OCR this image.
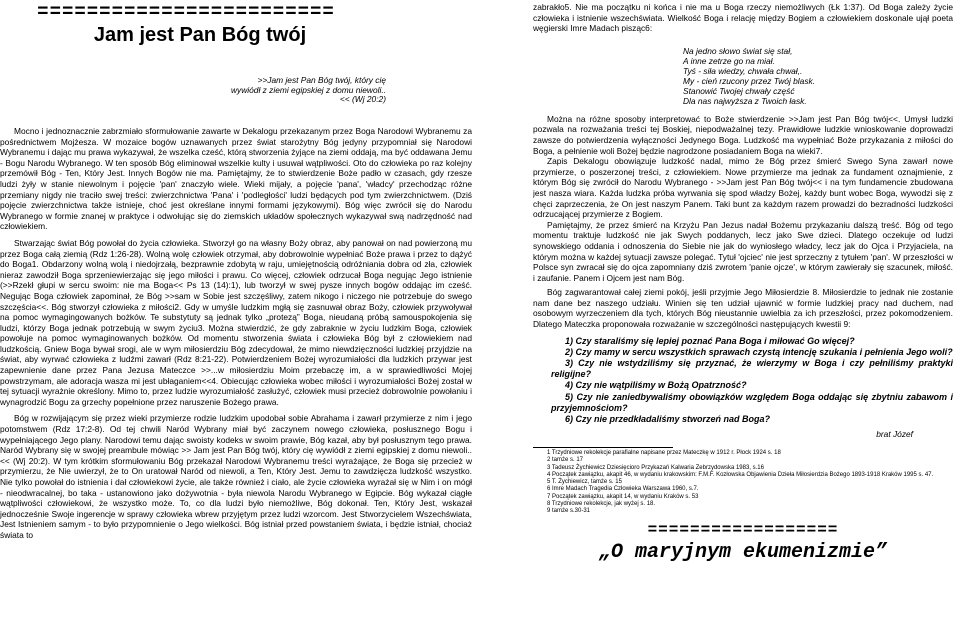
========================
Jam jest Pan Bóg twój
>>Jam jest Pan Bóg twój, który cię wywiódł z ziemi egipskiej z domu niewoli..<< (Wj 20:2)

Mocno i jednoznacznie zabrzmiało sformułowanie zawarte w Dekalogu przekazanym przez Boga Narodowi Wybranemu za pośrednictwem Mojżesza. W mozaice bogów uznawanych przez świat starożytny Bóg jedyny przypomniał się Narodowi Wybranemu i dając mu prawa wykazywał, że wszelka cześć, którą stworzenia żyjące na ziemi oddają, ma być oddawana Jemu - Bogu Narodu Wybranego. W ten sposób Bóg eliminował wszelkie kulty i usuwał wątpliwości. Oto do człowieka po raz kolejny przemówił Bóg - Ten, Który Jest. Innych Bogów nie ma. Pamiętajmy, że to stwierdzenie Boże padło w czasach, gdy rzesze ludzi żyły w stanie niewolnym i pojęcie 'pan' znaczyło wiele. Wieki mijały, a pojęcie 'pana', 'władcy' przechodząc różne przemiany nigdy nie traciło swej treści: zwierzchnictwa 'Pana' i 'podległości' ludzi będących pod tym zwierzchnictwem. (Dziś pojęcie zwierzchnictwa także istnieje, choć jest określane innymi formami językowymi). Bóg więc zwrócił się do Narodu Wybranego w formie znanej w praktyce i odwołując się do ziemskich układów społecznych wykazywał swą nadrzędność nad człowiekiem.

Stwarzając świat Bóg powołał do życia człowieka. Stworzył go na własny Boży obraz, aby panował on nad powierzoną mu przez Boga całą ziemią (Rdz 1:26-28). Wolną wolę człowiek otrzymał, aby dobrowolnie wypełniać Boże prawa i przez to dążyć do Boga1. Obdarzony wolną wolą i niedojrzałą, bezprawnie zdobytą w raju, umiejętnością odróżniania dobra od zła, człowiek nierаz zawodził Boga sprzeniewierzając się jego miłości i prawu. Co więcej, człowiek odrzucał Boga negując Jego istnienie (>>Rzekł głupi w sercu swoim: nie ma Boga<< Ps 13 (14):1), lub tworzył w swej pysze innych bogów oddając im cześć. Negując Boga człowiek zapominał, że Bóg >>sam w Sobie jest szczęśliwy, zatem nikogo i niczego nie potrzebuje do swego szczęścia<<. Bóg stworzył człowieka z miłości2. Gdy w umyśle ludzkim mgłą się zasnuwał obraz Boży, człowiek przywoływał na pomoc wymagingowanych bożków. Te substytuty są jednak tylko „protezą” Boga, nieudaną próbą samouspokojenia się ludzi, którzy Boga jednak potrzebują w swym życiu3. Można stwierdzić, że gdy zabraknie w życiu ludzkim Boga, człowiek powołuje na pomoc wymaginowanych bożków. Od momentu stworzenia świata i człowieka Bóg był z człowiekiem nad ludzkością. Gniew Boga bywał srogi, ale w wym miłosierdziu Bóg zdecydował, że mimo niewdzięczności ludzkiej przyjdzie na świat, aby wyrwać człowieka z ludźmi zawarł (Rdz 8:21-22). Potwierdzeniem Bożej wyrozumiałości dla ludzkich przywar jest zapewnienie dane przez Pana Jezusa Mateczce >>...w miłosierdziu Moim przebaczę im, a w sprawiedliwości Mojej powstrzymam, ale adoracja wasza mi jest ubłaganiem<<4. Obiecując człowieka wobec miłości i wyrozumiałości Bożej został w tej sytuacji wyrażnie określony. Mimo to, przez ludzie wyrozumiałość zasłużyć, człowiek musi przecież dobrowolnie powołaniu i wynagrodzić Bogu za grzechy popełnione przez naruszenie Bożego prawa.

Bóg w rozwijającym się przez wieki przymierze rodzie ludzkim upodobał sobie Abrahama i zawarł przymierze z nim i jego potomstwem (Rdz 17:2-8). Od tej chwili Naród Wybrany miał być zaczynem nowego człowieka, posłusznego Bogu i wypełniającego Jego plany. Narodowi temu dając swoisty kodeks w swoim prawie, Bóg kazał, aby był posłusznym tego prawa. Naród Wybrany się w swojej preambule mówiąc >> Jam jest Pan Bóg twój, który cię wywiódł z ziemi egipskiej z domu niewoli..<< (Wj 20:2). W tym krótkim sformułowaniu Bóg przekazał Narodowi Wybranemu treści wyrażające, że Boga się przecież w przymierzu, że Nie uwierzył, że to On uratował Naród od niewoli, a Ten, Który Jest. Jemu to zawdzięcza ludzkość wszystko. Nie tylko powołał do istnienia i dał człowiekowi życie, ale także również i ciało, ale życie człowieka wyrażał się w Nim i on mógł - nieodwracalnej, bo taka - ustanowiono jako dożywotnia - była niewola Narodu Wybranego w Egipcie. Bóg wykazał ciągłe wątpliwości człowiekowi, że wszystko może. To, co dla ludzi było niemożliwe, Bóg dokonał. Ten, Który Jest, wskazał jednocześnie Swoje ingerencje w sprawy człowieka wbrew przyjętym przez ludzi wzorcom. Jest Stworzycielem Wszechświata, Jest Istnieniem samym - to było przypomnienie o Jego wielkości. Bóg istniał przed powstaniem świata, i będzie istniał, chociaż świata to

zabrakło5. Nie ma początku ni końca i nie ma u Boga rzeczy niemożliwych (Łk 1:37). Od Boga zależy życie człowieka i istnienie wszechświata. Wielkość Boga i relację między Bogiem a człowiekiem doskonale ujął poeta węgierski Imre Madach pisząc6:

Na jedno słowo świat się stał,
A inne zetrze go na miał.
Tyś - siła wiedzy, chwała chwał,.
My - cień rzucony przez Twój blask.
Stanowić Twojej chwały część
Dla nas najwyższa z Twoich łask.

Można na różne sposoby interpretować to Boże stwierdzenie >>Jam jest Pan Bóg twój<<. Umysł ludzki pozwala na rozważania treści tej Boskiej, niepodważalnej tezy. Prawidłowe ludzkie wnioskowanie doprowadzi zawsze do potwierdzenia wyłączności Jedynego Boga. Ludzkość ma wypełniać Boże przykazania z miłości do Boga, a pełnienie woli Bożej będzie nagrodzone posiadaniem Boga na wieki7.

Zapis Dekalogu obowiązuje ludzkość nadal, mimo że Bóg przez śmierć Swego Syna zawarł nowe przymierze, o poszerzonej treści, z człowiekiem. Nowe przymierze ma jednak za fundament oznajmienie, z którym Bóg się zwrócił do Narodu Wybranego - >>Jam jest Pan Bóg twój<< i na tym fundamencie zbudowana jest nasza wiara. Każda ludzka próba wyrwania się spod władzy Bożej, każdy bunt wobec Boga, wywodzi się z chęci zaprzeczenia, że On jest naszym Panem. Taki bunt za każdym razem prowadzi do bezradności ludzkości odrzucającej przymierze z Bogiem.

Pamiętajmy, że przez śmierć na Krzyżu Pan Jezus nadał Bożemu przykazaniu dalszą treść. Bóg od tego momentu traktuje ludzkość nie jak Swych poddanych, lecz jako Swe dzieci. Dlatego oczekuje od ludzi synowskiego oddania i odnoszenia do Siebie nie jak do wyniosłego władcy, lecz jak do Ojca i Przyjaciela, na którym można w każdej sytuacji zawsze polegać. Tytuł 'ojciec' nie jest sprzeczny z tytułem 'pan'. W przeszłości w Polsce syn zwracał się do ojca zapomniany dziś zwrotem 'panie ojcze', w którym zawierały się szacunek, miłość. i zaufanie. Panem i Ojcem jest nam Bóg.

Bóg zagwarantował całej ziemi pokój, jeśli przyjmie Jego Miłosierdzie 8. Miłosierdzie to jednak nie zostanie nam dane bez naszego udziału. Winien się ten udział ujawnić w formie ludzkiej pracy nad duchem, nad osobowym wyrzeczeniem dla tych, których Bóg nieustannie uwielbia za ich przeszłości, przez pokomodzeniem. Dlatego Mateczka proponowała rozważanie w szczególności następujących kwestii 9:

1) Czy staraliśmy się lepiej poznać Pana Boga i miłować Go więcej?

2) Czy mamy w sercu wszystkich sprawach czystą intencję szukania i pełnienia Jego woli?

3) Czy nie wstydziliśmy się przyznać, że wierzymy w Boga i czy pełniliśmy praktyki religijne?

4) Czy nie wątpiliśmy w Bożą Opatrzność?

5) Czy nie zaniedbywaliśmy obowiązków względem Boga oddając się zbytniu zabawom i przyjemnościom?

6) Czy nie przedkładaliśmy stworzeń nad Boga?

brat Józef

1 Trzydniowe rekolekcje parafialne napisane przez Mateczkę w 1912 r. Płock 1924 s. 18

2 tamże s. 17

3 Tadeusz Żychiewicz Dziesięcioro Przykazań Kalwaria Zebrzydowska 1983, s.16

4 Początek zawiązku, akapit 46, w wydaniu krakowskim: F.M.F. Kozłowska Objawienia Dzieła Miłosierdzia Bożego 1893-1918 Kraków 1995 s. 47.

5 T. Żychiewicz, tamże s. 15

6 Imre Madach Tragedia Człowieka Warszawa 1960, s.7.

7 Początek zawiązku, akapit 14, w wydaniu Kraków s. 53

8 Trzydniowe rekolekcje, jak wyżej s. 18.

9 tamże s.30-31

==================
„O maryjnym ekumenizmie”
